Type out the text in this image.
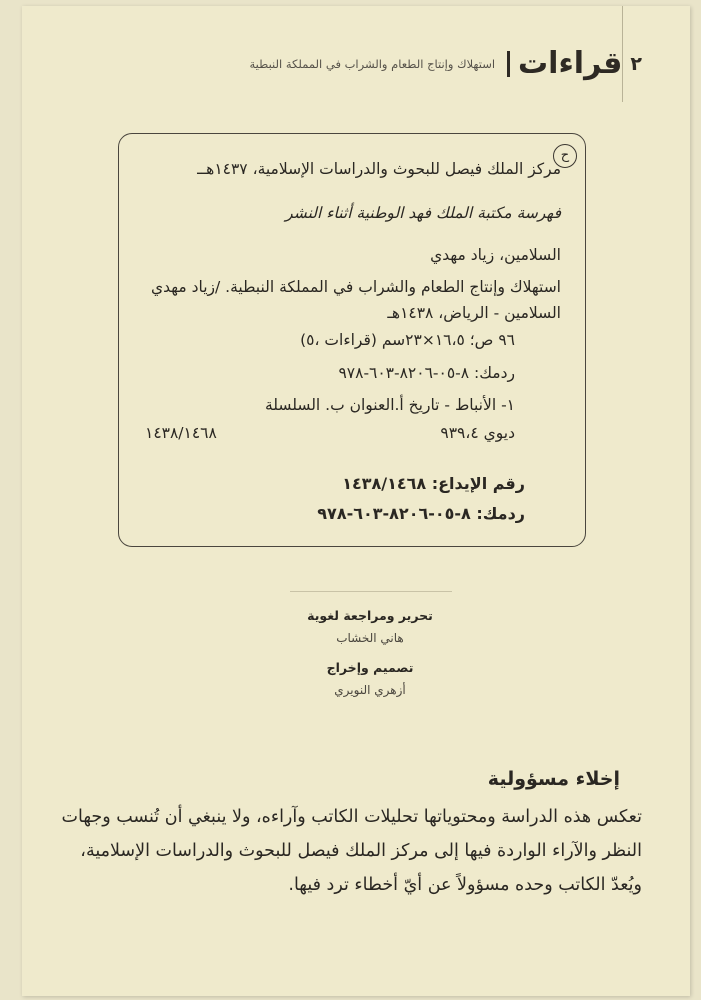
٢
قراءات
استهلاك وإنتاج الطعام والشراب في المملكة النبطية
ح
مركز الملك فيصل للبحوث والدراسات الإسلامية، ١٤٣٧هــ
فهرسة مكتبة الملك فهد الوطنية أثناء النشر
السلامين، زياد مهدي
استهلاك وإنتاج الطعام والشراب في المملكة النبطية. /زياد مهدي السلامين - الرياض، ١٤٣٨هـ
٩٦ ص؛ ١٦،٥×٢٣سم (قراءات ،٥)
ردمك: ٨-٠٥-٨٢٠٦-٦٠٣-٩٧٨
١- الأنباط - تاريخ أ.العنوان ب. السلسلة
ديوي ٩٣٩،٤
١٤٣٨/١٤٦٨
رقم الإيداع: ١٤٣٨/١٤٦٨
ردمك: ٨-٠٥-٨٢٠٦-٦٠٣-٩٧٨
تحرير ومراجعة لغوية
هاني الخشاب
تصميم وإخراج
أزهري النويري
إخلاء مسؤولية
تعكس هذه الدراسة ومحتوياتها تحليلات الكاتب وآراءه، ولا ينبغي أن تُنسب وجهات النظر والآراء الواردة فيها إلى مركز الملك فيصل للبحوث والدراسات الإسلامية، ويُعدّ الكاتب وحده مسؤولاً عن أيّ أخطاء ترد فيها.
